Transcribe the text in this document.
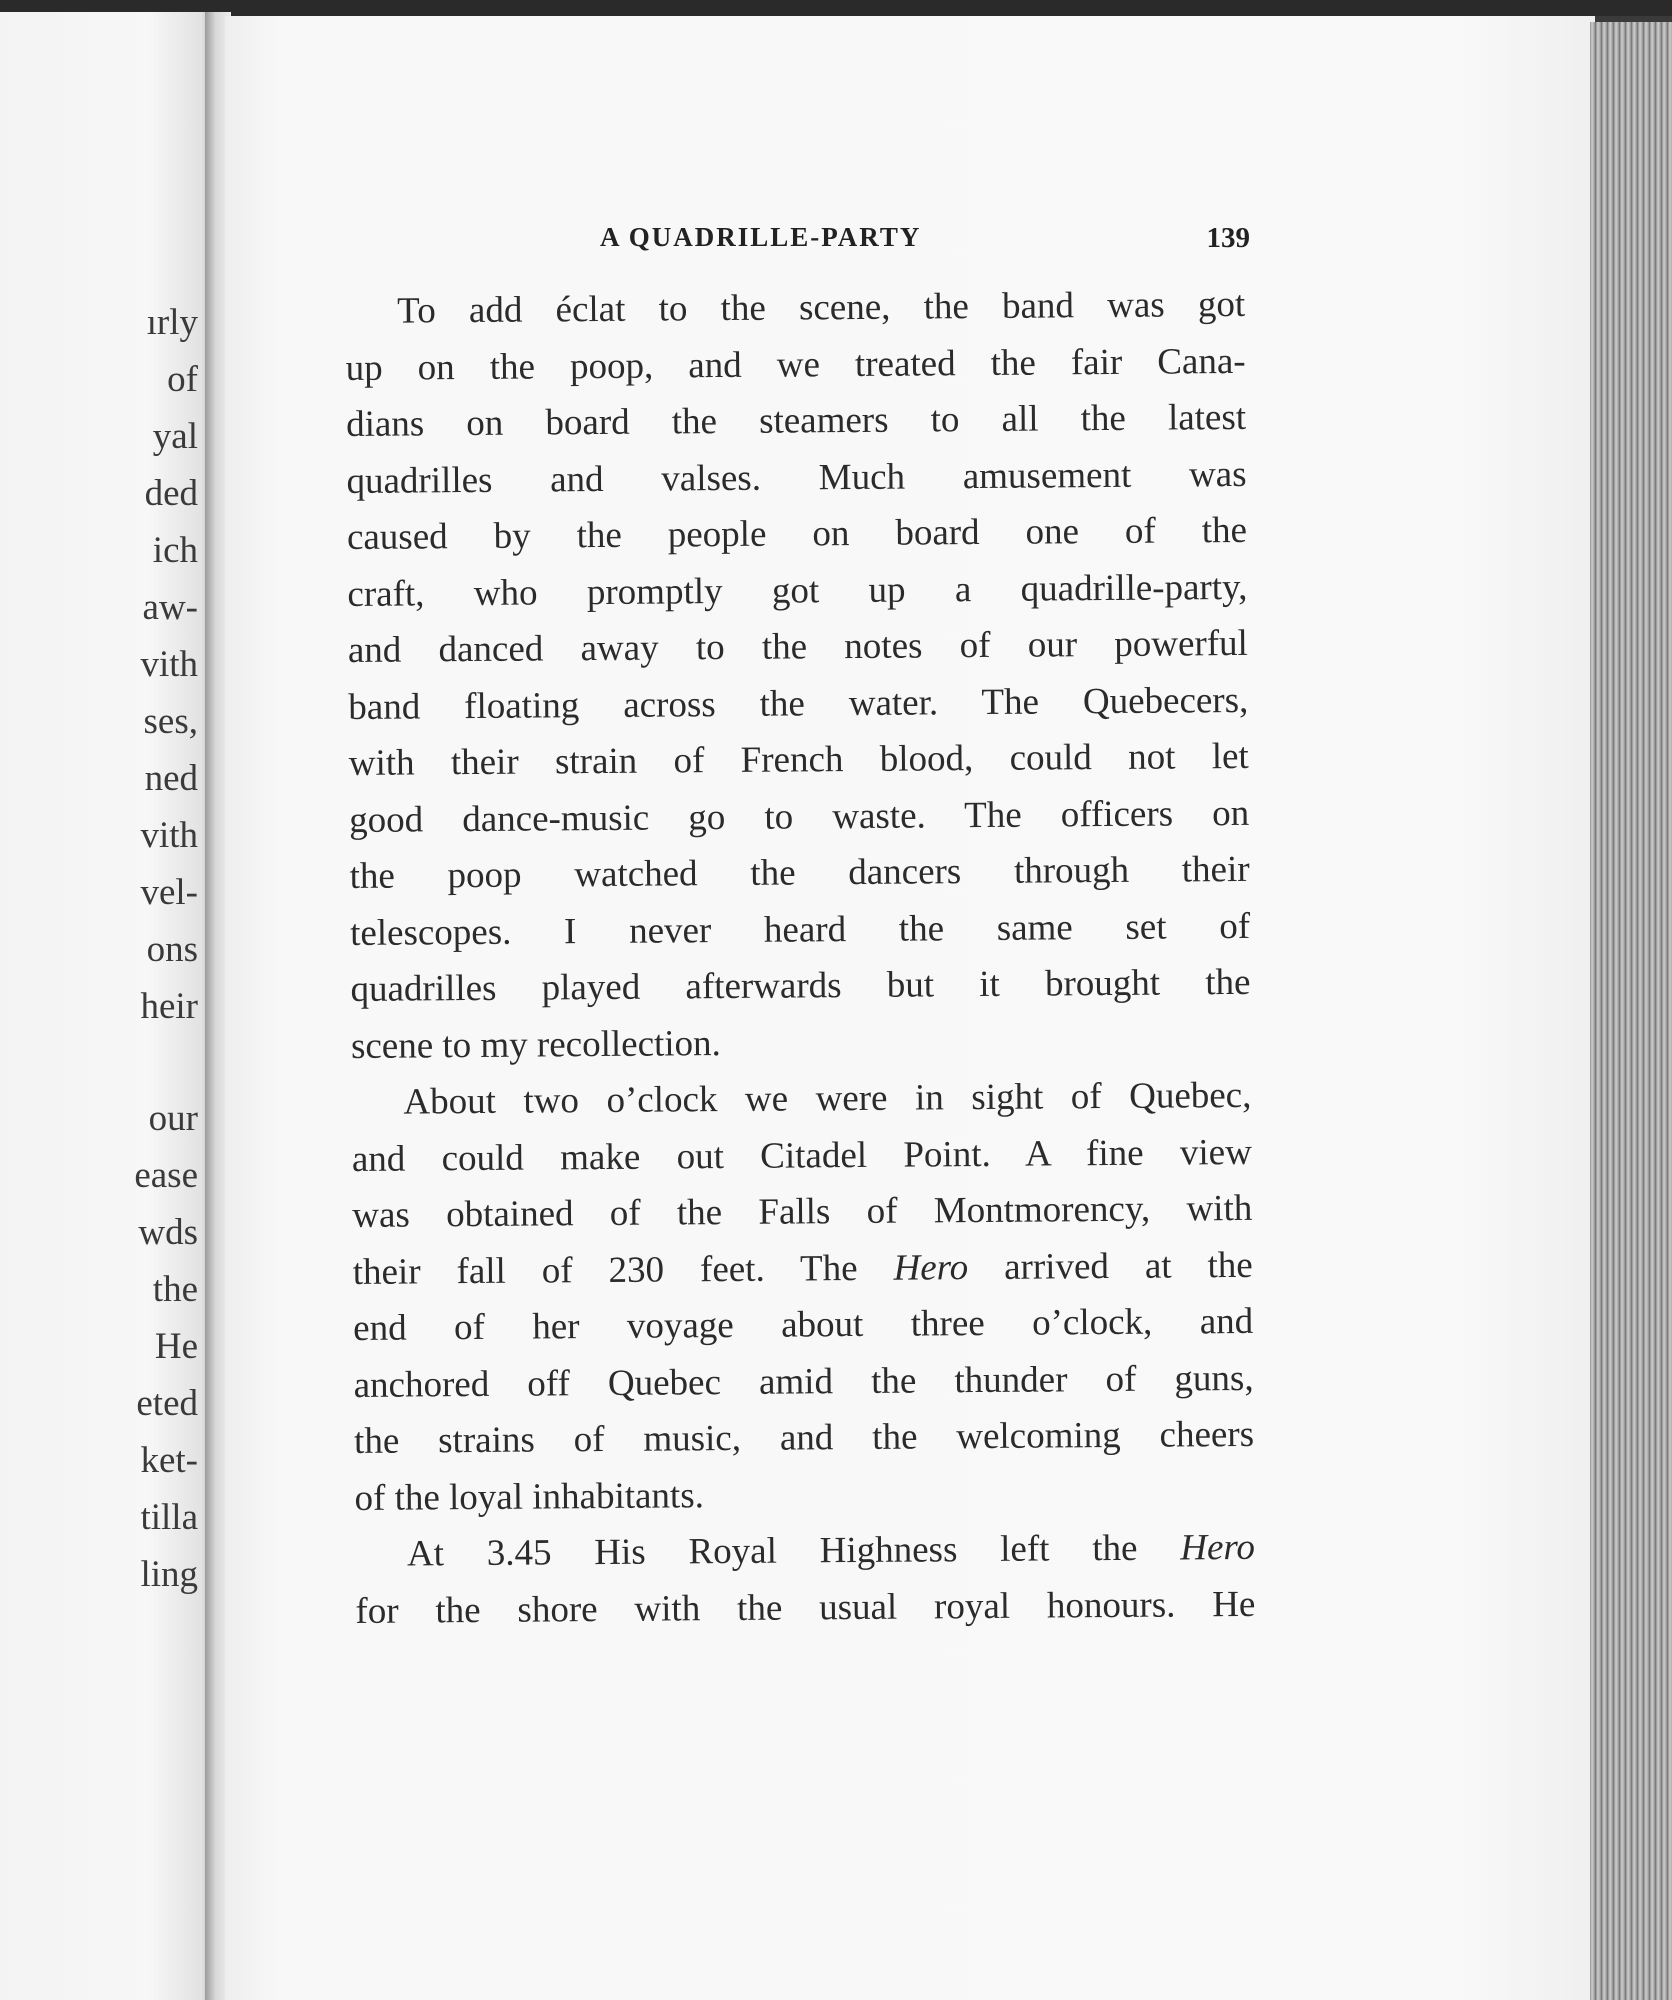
ırly
of
yal
ded
ich
aw-
vith
ses,
ned
vith
vel-
ons
heir
our
ease
wds
the
He
eted
ket-
tilla
ling
A QUADRILLE-PARTY	139
To add éclat to the scene, the band was got
up on the poop, and we treated the fair Cana-
dians on board the steamers to all the latest
quadrilles and valses. Much amusement was
caused by the people on board one of the
craft, who promptly got up a quadrille-party,
and danced away to the notes of our powerful
band floating across the water. The Quebecers,
with their strain of French blood, could not let
good dance-music go to waste. The officers on
the poop watched the dancers through their
telescopes. I never heard the same set of
quadrilles played afterwards but it brought the
scene to my recollection.
About two o’clock we were in sight of Quebec,
and could make out Citadel Point. A fine view
was obtained of the Falls of Montmorency, with
their fall of 230 feet. The Hero arrived at the
end of her voyage about three o’clock, and
anchored off Quebec amid the thunder of guns,
the strains of music, and the welcoming cheers
of the loyal inhabitants.
At 3.45 His Royal Highness left the Hero
for the shore with the usual royal honours. He
